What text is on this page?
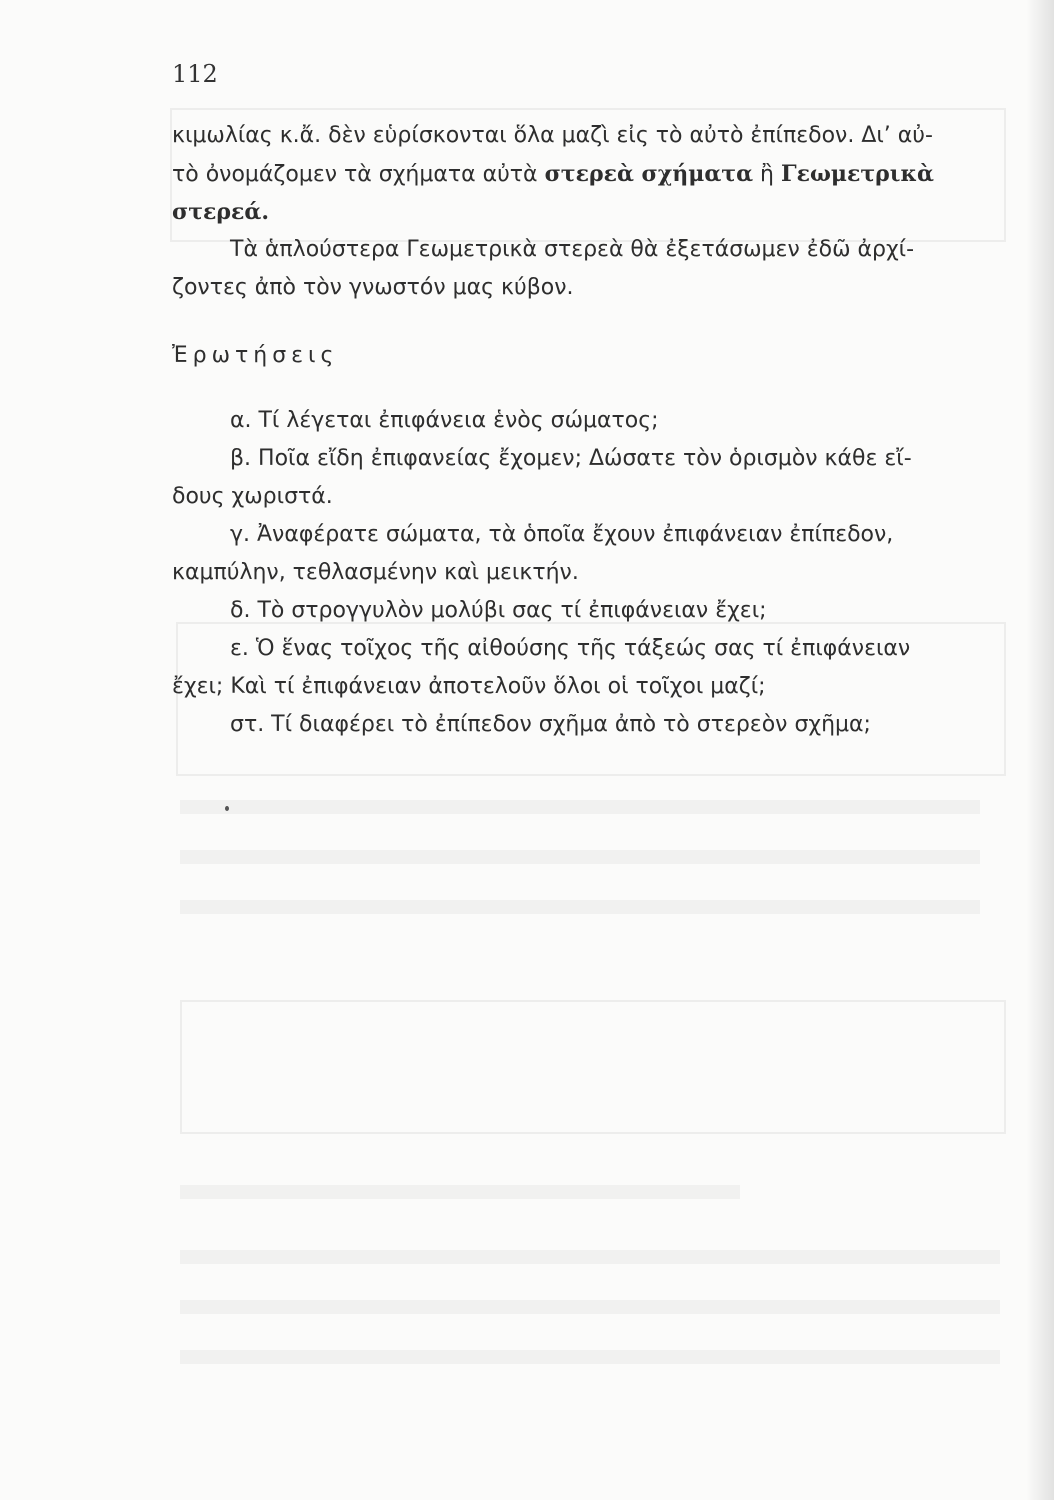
112
κιμωλίας κ.ἄ. δὲν εὑρίσκονται ὅλα μαζὶ εἰς τὸ αὐτὸ ἐπίπεδον. Δι’ αὐ-
τὸ ὀνομάζομεν τὰ σχήματα αὐτὰ στερεὰ σχήματα ἢ Γεωμετρικὰ
στερεά.
Τὰ ἁπλούστερα Γεωμετρικὰ στερεὰ θὰ ἐξετάσωμεν ἐδῶ ἀρχί-
ζοντες ἀπὸ τὸν γνωστόν μας κύβον.
Ἐρωτήσεις
α. Τί λέγεται ἐπιφάνεια ἑνὸς σώματος;
β. Ποῖα εἴδη ἐπιφανείας ἔχομεν; Δώσατε τὸν ὁρισμὸν κάθε εἴ-
δους χωριστά.
γ. Ἀναφέρατε σώματα, τὰ ὁποῖα ἔχουν ἐπιφάνειαν ἐπίπεδον,
καμπύλην, τεθλασμένην καὶ μεικτήν.
δ. Τὸ στρογγυλὸν μολύβι σας τί ἐπιφάνειαν ἔχει;
ε. Ὁ ἕνας τοῖχος τῆς αἰθούσης τῆς τάξεώς σας τί ἐπιφάνειαν
ἔχει; Καὶ τί ἐπιφάνειαν ἀποτελοῦν ὅλοι οἱ τοῖχοι μαζί;
στ. Τί διαφέρει τὸ ἐπίπεδον σχῆμα ἀπὸ τὸ στερεὸν σχῆμα;
